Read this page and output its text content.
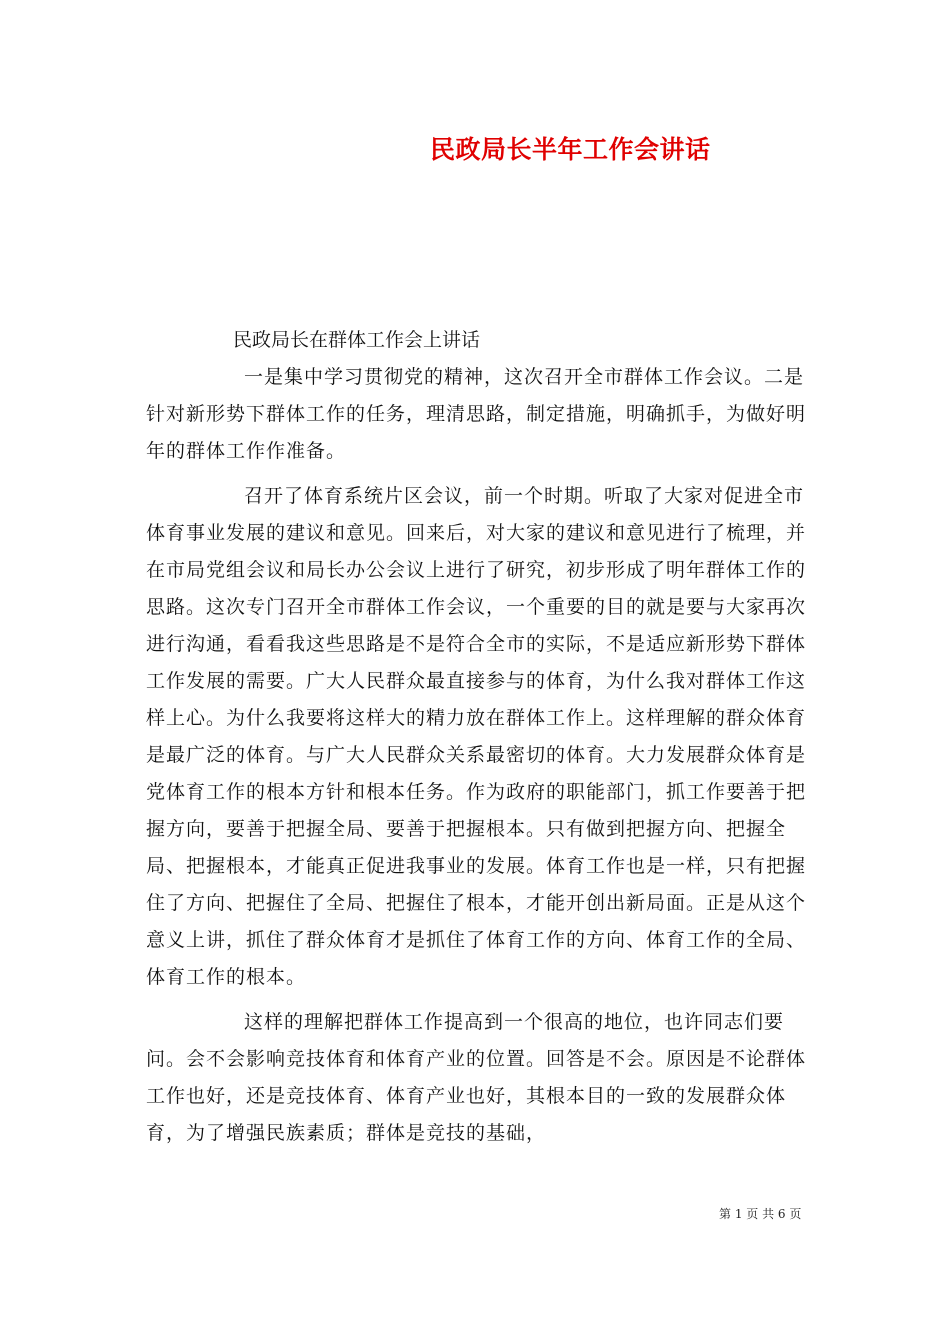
民政局长半年工作会讲话

民政局长在群体工作会上讲话

一是集中学习贯彻党的精神，这次召开全市群体工作会议。二是针对新形势下群体工作的任务，理清思路，制定措施，明确抓手，为做好明年的群体工作作准备。

召开了体育系统片区会议，前一个时期。听取了大家对促进全市体育事业发展的建议和意见。回来后，对大家的建议和意见进行了梳理，并在市局党组会议和局长办公会议上进行了研究，初步形成了明年群体工作的思路。这次专门召开全市群体工作会议，一个重要的目的就是要与大家再次进行沟通，看看我这些思路是不是符合全市的实际，不是适应新形势下群体工作发展的需要。广大人民群众最直接参与的体育，为什么我对群体工作这样上心。为什么我要将这样大的精力放在群体工作上。这样理解的群众体育是最广泛的体育。与广大人民群众关系最密切的体育。大力发展群众体育是党体育工作的根本方针和根本任务。作为政府的职能部门，抓工作要善于把握方向，要善于把握全局、要善于把握根本。只有做到把握方向、把握全局、把握根本，才能真正促进我事业的发展。体育工作也是一样，只有把握住了方向、把握住了全局、把握住了根本，才能开创出新局面。正是从这个意义上讲，抓住了群众体育才是抓住了体育工作的方向、体育工作的全局、体育工作的根本。

这样的理解把群体工作提高到一个很高的地位，也许同志们要问。会不会影响竞技体育和体育产业的位置。回答是不会。原因是不论群体工作也好，还是竞技体育、体育产业也好，其根本目的一致的发展群众体育，为了增强民族素质；群体是竞技的基础，

第 1 页 共 6 页
